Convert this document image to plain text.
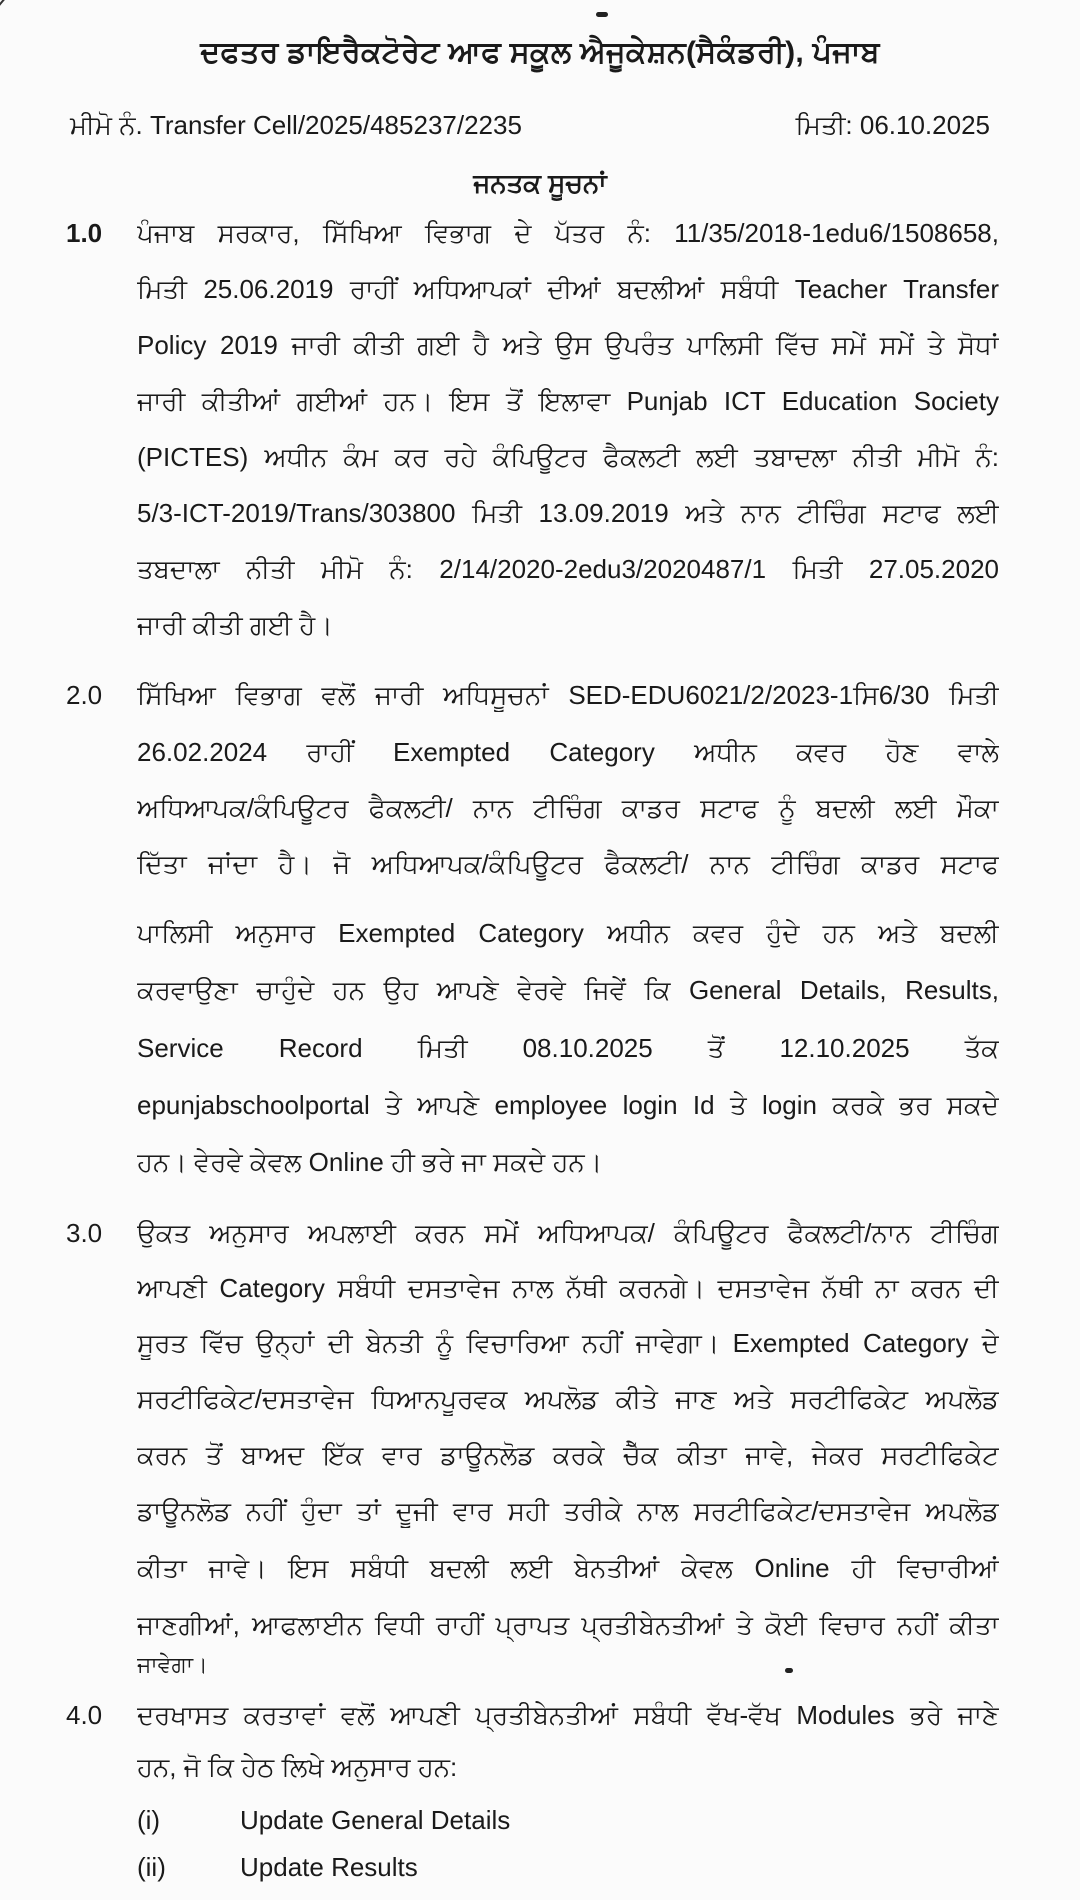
ਦਫਤਰ ਡਾਇਰੈਕਟੋਰੇਟ ਆਫ ਸਕੂਲ ਐਜੂਕੇਸ਼ਨ(ਸੈਕੰਡਰੀ), ਪੰਜਾਬ
ਮੀਮੋ ਨੰ. Transfer Cell/2025/485237/2235	ਮਿਤੀ: 06.10.2025
ਜਨਤਕ ਸੂਚਨਾਂ
1.0 ਪੰਜਾਬ ਸਰਕਾਰ, ਸਿੱਖਿਆ ਵਿਭਾਗ ਦੇ ਪੱਤਰ ਨੰ: 11/35/2018-1edu6/1508658,
ਮਿਤੀ 25.06.2019 ਰਾਹੀਂ ਅਧਿਆਪਕਾਂ ਦੀਆਂ ਬਦਲੀਆਂ ਸਬੰਧੀ Teacher Transfer
Policy 2019 ਜਾਰੀ ਕੀਤੀ ਗਈ ਹੈ ਅਤੇ ਉਸ ਉਪਰੰਤ ਪਾਲਿਸੀ ਵਿੱਚ ਸਮੇਂ ਸਮੇਂ ਤੇ ਸੋਧਾਂ
ਜਾਰੀ ਕੀਤੀਆਂ ਗਈਆਂ ਹਨ। ਇਸ ਤੋਂ ਇਲਾਵਾ Punjab ICT Education Society
(PICTES) ਅਧੀਨ ਕੰਮ ਕਰ ਰਹੇ ਕੰਪਿਊਟਰ ਫੈਕਲਟੀ ਲਈ ਤਬਾਦਲਾ ਨੀਤੀ ਮੀਮੋ ਨੰ:
5/3-ICT-2019/Trans/303800 ਮਿਤੀ 13.09.2019 ਅਤੇ ਨਾਨ ਟੀਚਿੰਗ ਸਟਾਫ ਲਈ
ਤਬਦਾਲਾ ਨੀਤੀ ਮੀਮੋ ਨੰ: 2/14/2020-2edu3/2020487/1 ਮਿਤੀ 27.05.2020
ਜਾਰੀ ਕੀਤੀ ਗਈ ਹੈ।
2.0 ਸਿੱਖਿਆ ਵਿਭਾਗ ਵਲੋਂ ਜਾਰੀ ਅਧਿਸੂਚਨਾਂ SED-EDU6021/2/2023-1ਸਿ6/30 ਮਿਤੀ
26.02.2024 ਰਾਹੀਂ Exempted Category ਅਧੀਨ ਕਵਰ ਹੋਣ ਵਾਲੇ
ਅਧਿਆਪਕ/ਕੰਪਿਊਟਰ ਫੈਕਲਟੀ/ ਨਾਨ ਟੀਚਿੰਗ ਕਾਡਰ ਸਟਾਫ ਨੂੰ ਬਦਲੀ ਲਈ ਮੌਕਾ
ਦਿੱਤਾ ਜਾਂਦਾ ਹੈ। ਜੋ ਅਧਿਆਪਕ/ਕੰਪਿਊਟਰ ਫੈਕਲਟੀ/ ਨਾਨ ਟੀਚਿੰਗ ਕਾਡਰ ਸਟਾਫ
ਪਾਲਿਸੀ ਅਨੁਸਾਰ Exempted Category ਅਧੀਨ ਕਵਰ ਹੁੰਦੇ ਹਨ ਅਤੇ ਬਦਲੀ
ਕਰਵਾਉਣਾ ਚਾਹੁੰਦੇ ਹਨ ਉਹ ਆਪਣੇ ਵੇਰਵੇ ਜਿਵੇਂ ਕਿ General Details, Results,
Service Record ਮਿਤੀ 08.10.2025 ਤੋਂ 12.10.2025 ਤੱਕ
epunjabschoolportal ਤੇ ਆਪਣੇ employee login Id ਤੇ login ਕਰਕੇ ਭਰ ਸਕਦੇ
ਹਨ। ਵੇਰਵੇ ਕੇਵਲ Online ਹੀ ਭਰੇ ਜਾ ਸਕਦੇ ਹਨ।
3.0 ਉਕਤ ਅਨੁਸਾਰ ਅਪਲਾਈ ਕਰਨ ਸਮੇਂ ਅਧਿਆਪਕ/ ਕੰਪਿਊਟਰ ਫੈਕਲਟੀ/ਨਾਨ ਟੀਚਿੰਗ
ਆਪਣੀ Category ਸਬੰਧੀ ਦਸਤਾਵੇਜ ਨਾਲ ਨੱਥੀ ਕਰਨਗੇ। ਦਸਤਾਵੇਜ ਨੱਥੀ ਨਾ ਕਰਨ ਦੀ
ਸੂਰਤ ਵਿੱਚ ਉਨ੍ਹਾਂ ਦੀ ਬੇਨਤੀ ਨੂੰ ਵਿਚਾਰਿਆ ਨਹੀਂ ਜਾਵੇਗਾ। Exempted Category ਦੇ
ਸਰਟੀਫਿਕੇਟ/ਦਸਤਾਵੇਜ ਧਿਆਨਪੂਰਵਕ ਅਪਲੋਡ ਕੀਤੇ ਜਾਣ ਅਤੇ ਸਰਟੀਫਿਕੇਟ ਅਪਲੋਡ
ਕਰਨ ਤੋਂ ਬਾਅਦ ਇੱਕ ਵਾਰ ਡਾਊਨਲੋਡ ਕਰਕੇ ਚੈੱਕ ਕੀਤਾ ਜਾਵੇ, ਜੇਕਰ ਸਰਟੀਫਿਕੇਟ
ਡਾਊਨਲੋਡ ਨਹੀਂ ਹੁੰਦਾ ਤਾਂ ਦੂਜੀ ਵਾਰ ਸਹੀ ਤਰੀਕੇ ਨਾਲ ਸਰਟੀਫਿਕੇਟ/ਦਸਤਾਵੇਜ ਅਪਲੋਡ
ਕੀਤਾ ਜਾਵੇ। ਇਸ ਸਬੰਧੀ ਬਦਲੀ ਲਈ ਬੇਨਤੀਆਂ ਕੇਵਲ Online ਹੀ ਵਿਚਾਰੀਆਂ
ਜਾਣਗੀਆਂ, ਆਫਲਾਈਨ ਵਿਧੀ ਰਾਹੀਂ ਪ੍ਰਾਪਤ ਪ੍ਰਤੀਬੇਨਤੀਆਂ ਤੇ ਕੋਈ ਵਿਚਾਰ ਨਹੀਂ ਕੀਤਾ
ਜਾਵੇਗਾ।
4.0 ਦਰਖਾਸਤ ਕਰਤਾਵਾਂ ਵਲੋਂ ਆਪਣੀ ਪ੍ਰਤੀਬੇਨਤੀਆਂ ਸਬੰਧੀ ਵੱਖ-ਵੱਖ Modules ਭਰੇ ਜਾਣੇ
ਹਨ, ਜੋ ਕਿ ਹੇਠ ਲਿਖੇ ਅਨੁਸਾਰ ਹਨ:
(i)	Update General Details
(ii)	Update Results
